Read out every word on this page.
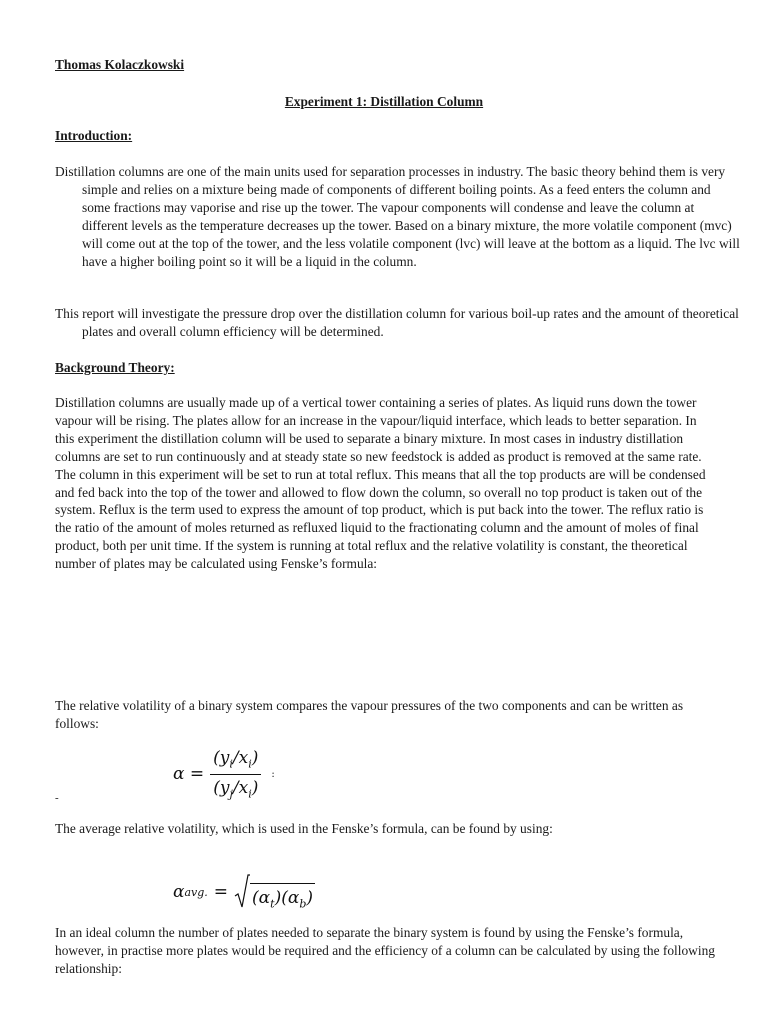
Thomas Kolaczkowski

Experiment 1: Distillation Column

Introduction:

Distillation columns are one of the main units used for separation processes in industry. The basic theory behind them is very simple and relies on a mixture being made of components of different boiling points. As a feed enters the column and some fractions may vaporise and rise up the tower. The vapour components will condense and leave the column at different levels as the temperature decreases up the tower. Based on a binary mixture, the more volatile component (mvc) will come out at the top of the tower, and the less volatile component (lvc) will leave at the bottom as a liquid. The lvc will have a higher boiling point so it will be a liquid in the column.

This report will investigate the pressure drop over the distillation column for various boil-up rates and the amount of theoretical plates and overall column efficiency will be determined.

Background Theory:

Distillation columns are usually made up of a vertical tower containing a series of plates. As liquid runs down the tower vapour will be rising. The plates allow for an increase in the vapour/liquid interface, which leads to better separation. In this experiment the distillation column will be used to separate a binary mixture. In most cases in industry distillation columns are set to run continuously and at steady state so new feedstock is added as product is removed at the same rate. The column in this experiment will be set to run at total reflux. This means that all the top products are will be condensed and fed back into the top of the tower and allowed to flow down the column, so overall no top product is taken out of the system. Reflux is the term used to express the amount of top product, which is put back into the tower. The reflux ratio is the ratio of the amount of moles returned as refluxed liquid to the fractionating column and the amount of moles of final product, both per unit time. If the system is running at total reflux and the relative volatility is constant, the theoretical number of plates may be calculated using Fenske’s formula:

The relative volatility of a binary system compares the vapour pressures of the two components and can be written as follows:

$\alpha = \frac{(y_i/x_i)}{(y_j/x_i)}$ :

-

The average relative volatility, which is used in the Fenske’s formula, can be found by using:

α avg. = $(\alpha_t)(\alpha_b)$

In an ideal column the number of plates needed to separate the binary system is found by using the Fenske’s formula, however, in practise more plates would be required and the efficiency of a column can be calculated by using the following relationship:
